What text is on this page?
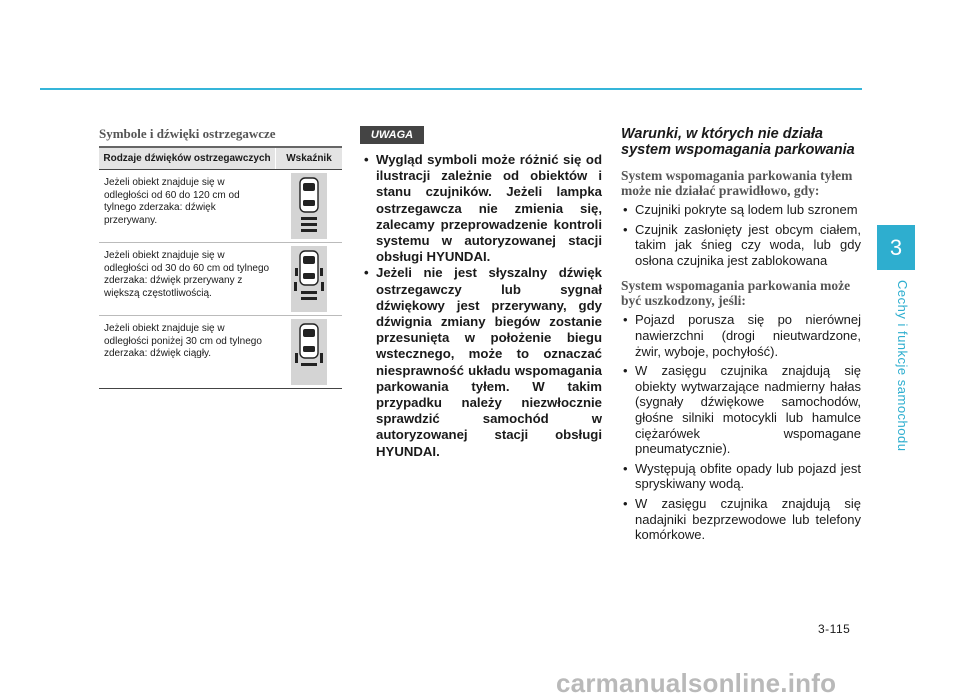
3
Cechy i funkcje samochodu
Symbole i dźwięki ostrzegawcze
Rodzaje dźwięków ostrzegawczych	Wskaźnik
Jeżeli obiekt znajduje się w odległości od 60 do 120 cm od tylnego zderzaka: dźwięk przerywany.	

Jeżeli obiekt znajduje się w odległości od 30 do 60 cm od tylnego zderzaka: dźwięk przerywany z większą częstotliwością.	

Jeżeli obiekt znajduje się w odległości poniżej 30 cm od tylnego zderzaka: dźwięk ciągły.	
UWAGA
• Wygląd symboli może różnić się od ilustracji zależnie od obiektów i stanu czujników. Jeżeli lampka ostrzegawcza nie zmienia się, zalecamy przeprowadzenie kontroli systemu w autoryzowanej stacji obsługi HYUNDAI.
• Jeżeli nie jest słyszalny dźwięk ostrzegawczy lub sygnał dźwiękowy jest przerywany, gdy dźwignia zmiany biegów zostanie przesunięta w położenie biegu wstecznego, może to oznaczać niesprawność układu wspomagania parkowania tyłem. W takim przypadku należy niezwłocznie sprawdzić samochód w autoryzowanej stacji obsługi HYUNDAI.
Warunki, w których nie działa system wspomagania parkowania
System wspomagania parkowania tyłem może nie działać prawidłowo, gdy:
• Czujniki pokryte są lodem lub szronem
• Czujnik zasłonięty jest obcym ciałem, takim jak śnieg czy woda, lub gdy osłona czujnika jest zablokowana
System wspomagania parkowania może być uszkodzony, jeśli:
• Pojazd porusza się po nierównej nawierzchni (drogi nieutwardzone, żwir, wyboje, pochyłość).
• W zasięgu czujnika znajdują się obiekty wytwarzające nadmierny hałas (sygnały dźwiękowe samochodów, głośne silniki motocykli lub hamulce ciężarówek wspomagane pneumatycznie).
• Występują obfite opady lub pojazd jest spryskiwany wodą.
• W zasięgu czujnika znajdują się nadajniki bezprzewodowe lub telefony komórkowe.
3-115
carmanualsonline.info
